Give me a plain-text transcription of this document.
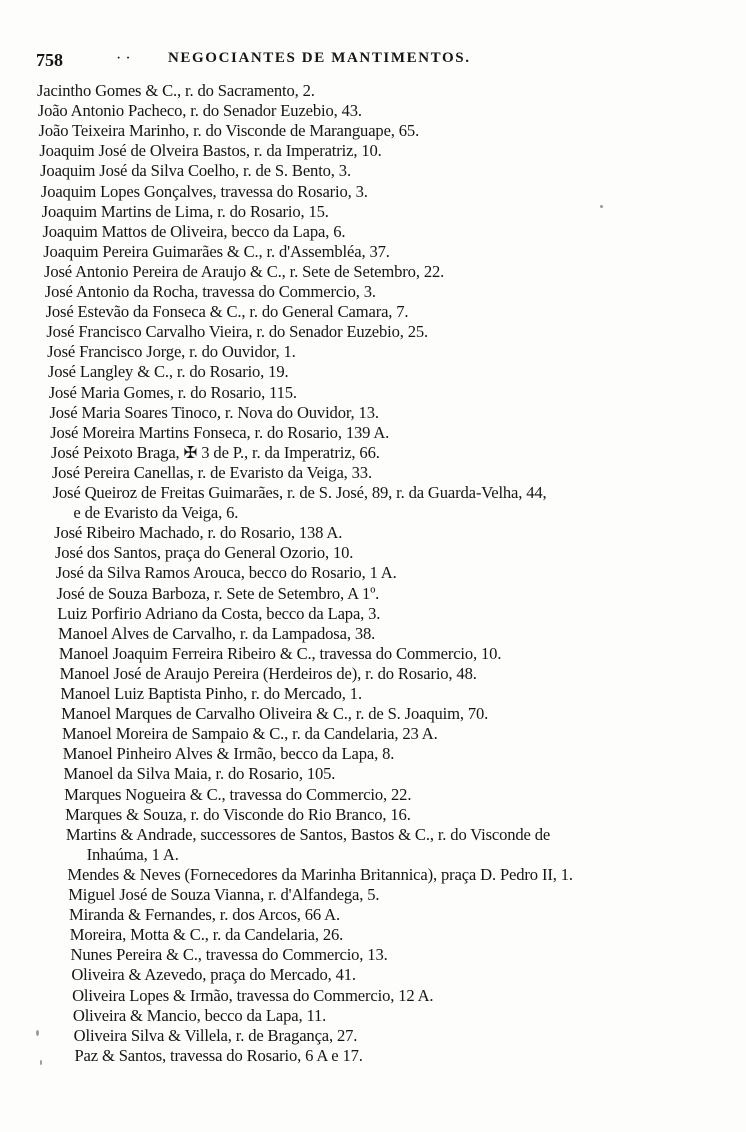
758	· · NEGOCIANTES DE MANTIMENTOS.
Jacintho Gomes & C., r. do Sacramento, 2.
João Antonio Pacheco, r. do Senador Euzebio, 43.
João Teixeira Marinho, r. do Visconde de Maranguape, 65.
Joaquim José de Olveira Bastos, r. da Imperatriz, 10.
Joaquim José da Silva Coelho, r. de S. Bento, 3.
Joaquim Lopes Gonçalves, travessa do Rosario, 3.
Joaquim Martins de Lima, r. do Rosario, 15.
Joaquim Mattos de Oliveira, becco da Lapa, 6.
Joaquim Pereira Guimarães & C., r. d'Assembléa, 37.
José Antonio Pereira de Araujo & C., r. Sete de Setembro, 22.
José Antonio da Rocha, travessa do Commercio, 3.
José Estevão da Fonseca & C., r. do General Camara, 7.
José Francisco Carvalho Vieira, r. do Senador Euzebio, 25.
José Francisco Jorge, r. do Ouvidor, 1.
José Langley & C., r. do Rosario, 19.
José Maria Gomes, r. do Rosario, 115.
José Maria Soares Tinoco, r. Nova do Ouvidor, 13.
José Moreira Martins Fonseca, r. do Rosario, 139 A.
José Peixoto Braga, ✠ 3 de P., r. da Imperatriz, 66.
José Pereira Canellas, r. de Evaristo da Veiga, 33.
José Queiroz de Freitas Guimarães, r. de S. José, 89, r. da Guarda-Velha, 44,
e de Evaristo da Veiga, 6.
José Ribeiro Machado, r. do Rosario, 138 A.
José dos Santos, praça do General Ozorio, 10.
José da Silva Ramos Arouca, becco do Rosario, 1 A.
José de Souza Barboza, r. Sete de Setembro, A 1º.
Luiz Porfirio Adriano da Costa, becco da Lapa, 3.
Manoel Alves de Carvalho, r. da Lampadosa, 38.
Manoel Joaquim Ferreira Ribeiro & C., travessa do Commercio, 10.
Manoel José de Araujo Pereira (Herdeiros de), r. do Rosario, 48.
Manoel Luiz Baptista Pinho, r. do Mercado, 1.
Manoel Marques de Carvalho Oliveira & C., r. de S. Joaquim, 70.
Manoel Moreira de Sampaio & C., r. da Candelaria, 23 A.
Manoel Pinheiro Alves & Irmão, becco da Lapa, 8.
Manoel da Silva Maia, r. do Rosario, 105.
Marques Nogueira & C., travessa do Commercio, 22.
Marques & Souza, r. do Visconde do Rio Branco, 16.
Martins & Andrade, successores de Santos, Bastos & C., r. do Visconde de
Inhaúma, 1 A.
Mendes & Neves (Fornecedores da Marinha Britannica), praça D. Pedro II, 1.
Miguel José de Souza Vianna, r. d'Alfandega, 5.
Miranda & Fernandes, r. dos Arcos, 66 A.
Moreira, Motta & C., r. da Candelaria, 26.
Nunes Pereira & C., travessa do Commercio, 13.
Oliveira & Azevedo, praça do Mercado, 41.
Oliveira Lopes & Irmão, travessa do Commercio, 12 A.
Oliveira & Mancio, becco da Lapa, 11.
Oliveira Silva & Villela, r. de Bragança, 27.
Paz & Santos, travessa do Rosario, 6 A e 17.
